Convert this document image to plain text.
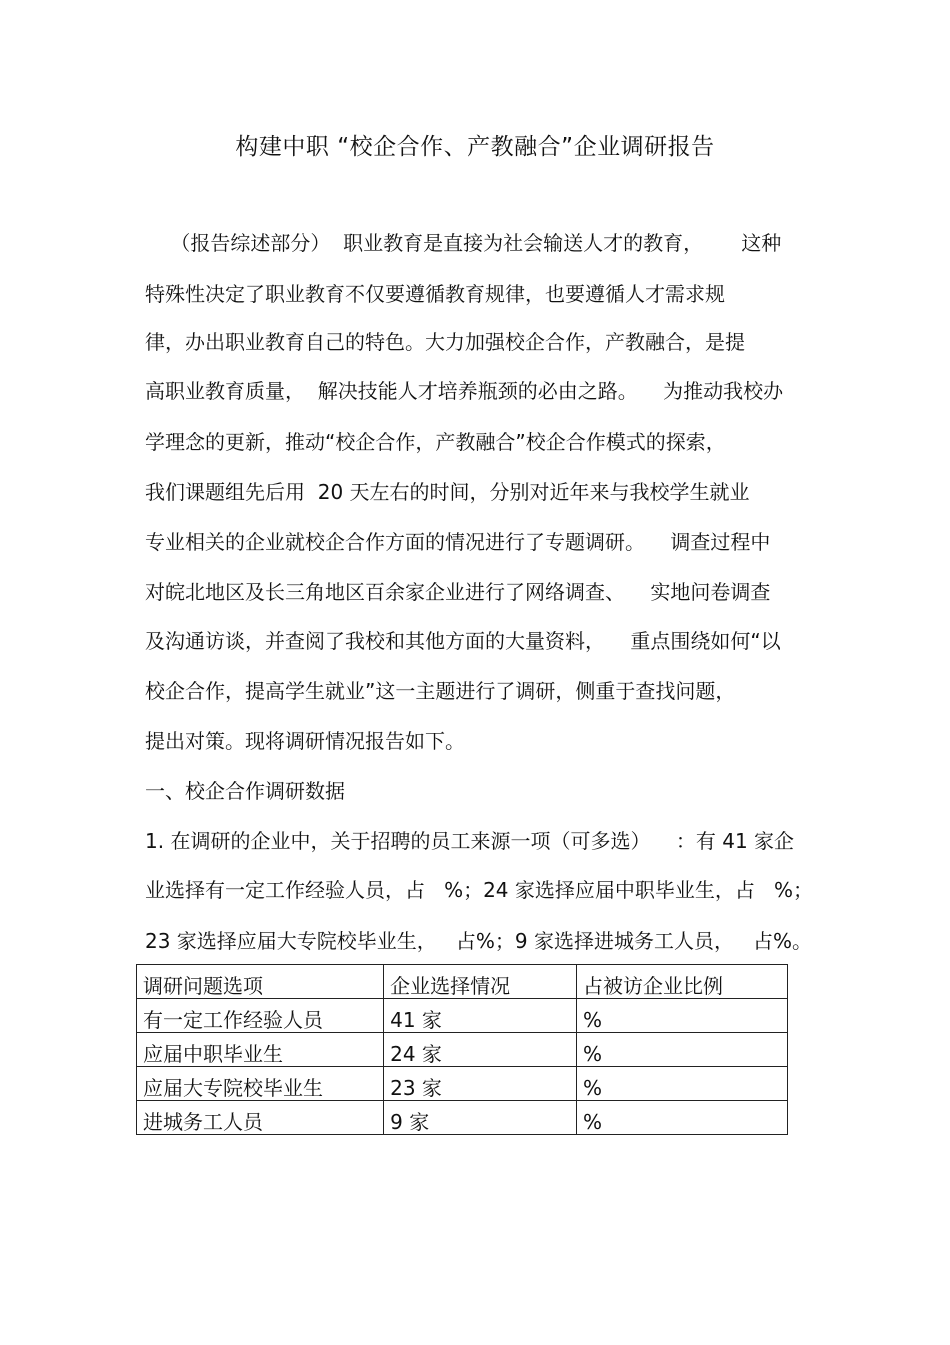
构建中职 “校企合作、产教融合”企业调研报告
（报告综述部分）  职业教育是直接为社会输送人才的教育，      这种
特殊性决定了职业教育不仅要遵循教育规律，也要遵循人才需求规
律，办出职业教育自己的特色。大力加强校企合作，产教融合，是提
高职业教育质量，  解决技能人才培养瓶颈的必由之路。    为推动我校办
学理念的更新，推动“校企合作，产教融合”校企合作模式的探索，
我们课题组先后用  20 天左右的时间，分别对近年来与我校学生就业
专业相关的企业就校企合作方面的情况进行了专题调研。    调查过程中
对皖北地区及长三角地区百余家企业进行了网络调查、    实地问卷调查
及沟通访谈，并查阅了我校和其他方面的大量资料，    重点围绕如何“以
校企合作，提高学生就业”这一主题进行了调研，侧重于查找问题，
提出对策。现将调研情况报告如下。
一、校企合作调研数据
1. 在调研的企业中，关于招聘的员工来源一项（可多选）    ：有 41 家企
业选择有一定工作经验人员，占   %；24 家选择应届中职毕业生，占   %；
23 家选择应届大专院校毕业生，   占%；9 家选择进城务工人员，   占%。
调研问题选项	企业选择情况	占被访企业比例
有一定工作经验人员	41 家	%
应届中职毕业生	24 家	%
应届大专院校毕业生	23 家	%
进城务工人员	9 家	%
